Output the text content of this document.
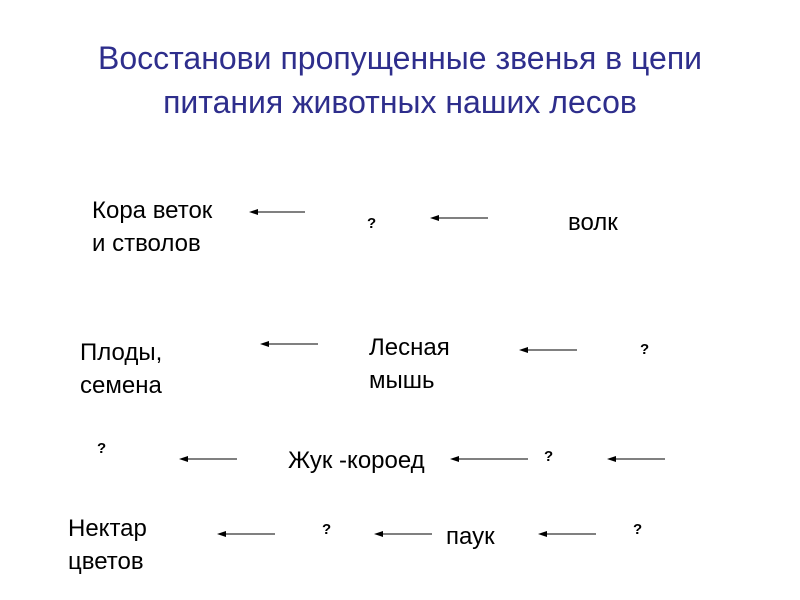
Восстанови пропущенные звенья в цепи
питания животных наших лесов
Кора веток
и стволов
?	волк
Плоды,
семена
Лесная
мышь
?
?	Жук -короед	?
Нектар
цветов
?	паук	?
